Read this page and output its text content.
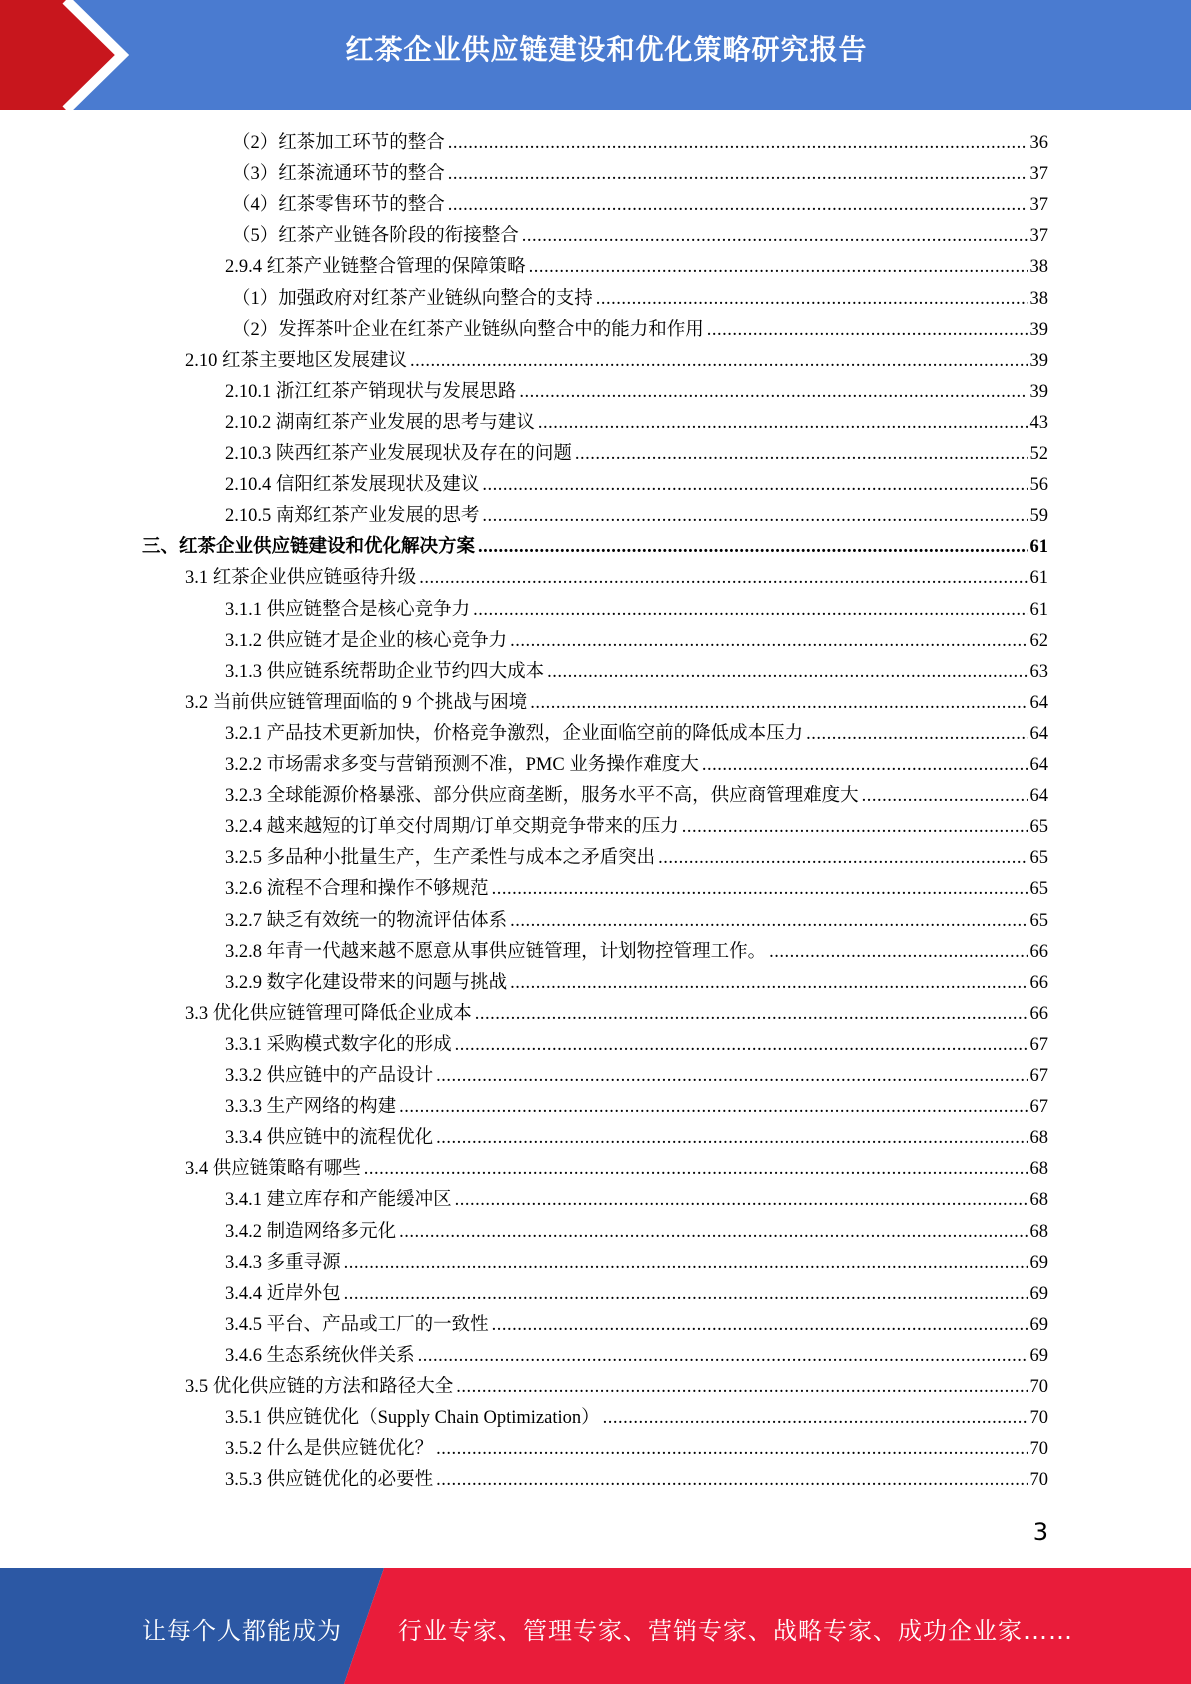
红茶企业供应链建设和优化策略研究报告
（2）红茶加工环节的整合 .....	36
（3）红茶流通环节的整合 .....	37
（4）红茶零售环节的整合 .....	37
（5）红茶产业链各阶段的衔接整合 .....	37
2.9.4 红茶产业链整合管理的保障策略 .....	38
（1）加强政府对红茶产业链纵向整合的支持 .....	38
（2）发挥茶叶企业在红茶产业链纵向整合中的能力和作用 .....	39
2.10 红茶主要地区发展建议 .....	39
2.10.1 浙江红茶产销现状与发展思路 .....	39
2.10.2 湖南红茶产业发展的思考与建议 .....	43
2.10.3 陕西红茶产业发展现状及存在的问题 .....	52
2.10.4 信阳红茶发展现状及建议 .....	56
2.10.5 南郑红茶产业发展的思考 .....	59
三、红茶企业供应链建设和优化解决方案 .....	61
3.1 红茶企业供应链亟待升级 .....	61
3.1.1 供应链整合是核心竞争力 .....	61
3.1.2 供应链才是企业的核心竞争力 .....	62
3.1.3 供应链系统帮助企业节约四大成本 .....	63
3.2 当前供应链管理面临的 9 个挑战与困境 .....	64
3.2.1 产品技术更新加快，价格竞争激烈，企业面临空前的降低成本压力 .....	64
3.2.2 市场需求多变与营销预测不准，PMC 业务操作难度大 .....	64
3.2.3 全球能源价格暴涨、部分供应商垄断，服务水平不高，供应商管理难度大 .....	64
3.2.4 越来越短的订单交付周期/订单交期竞争带来的压力 .....	65
3.2.5 多品种小批量生产，生产柔性与成本之矛盾突出 .....	65
3.2.6 流程不合理和操作不够规范 .....	65
3.2.7 缺乏有效统一的物流评估体系 .....	65
3.2.8 年青一代越来越不愿意从事供应链管理，计划物控管理工作。 .....	66
3.2.9 数字化建设带来的问题与挑战 .....	66
3.3 优化供应链管理可降低企业成本 .....	66
3.3.1 采购模式数字化的形成 .....	67
3.3.2 供应链中的产品设计 .....	67
3.3.3 生产网络的构建 .....	67
3.3.4 供应链中的流程优化 .....	68
3.4 供应链策略有哪些 .....	68
3.4.1 建立库存和产能缓冲区 .....	68
3.4.2 制造网络多元化 .....	68
3.4.3 多重寻源 .....	69
3.4.4 近岸外包 .....	69
3.4.5 平台、产品或工厂的一致性 .....	69
3.4.6 生态系统伙伴关系 .....	69
3.5 优化供应链的方法和路径大全 .....	70
3.5.1 供应链优化（Supply Chain Optimization） .....	70
3.5.2 什么是供应链优化？ .....	70
3.5.3 供应链优化的必要性 .....	70
3
让每个人都能成为 行业专家、管理专家、营销专家、战略专家、成功企业家……
